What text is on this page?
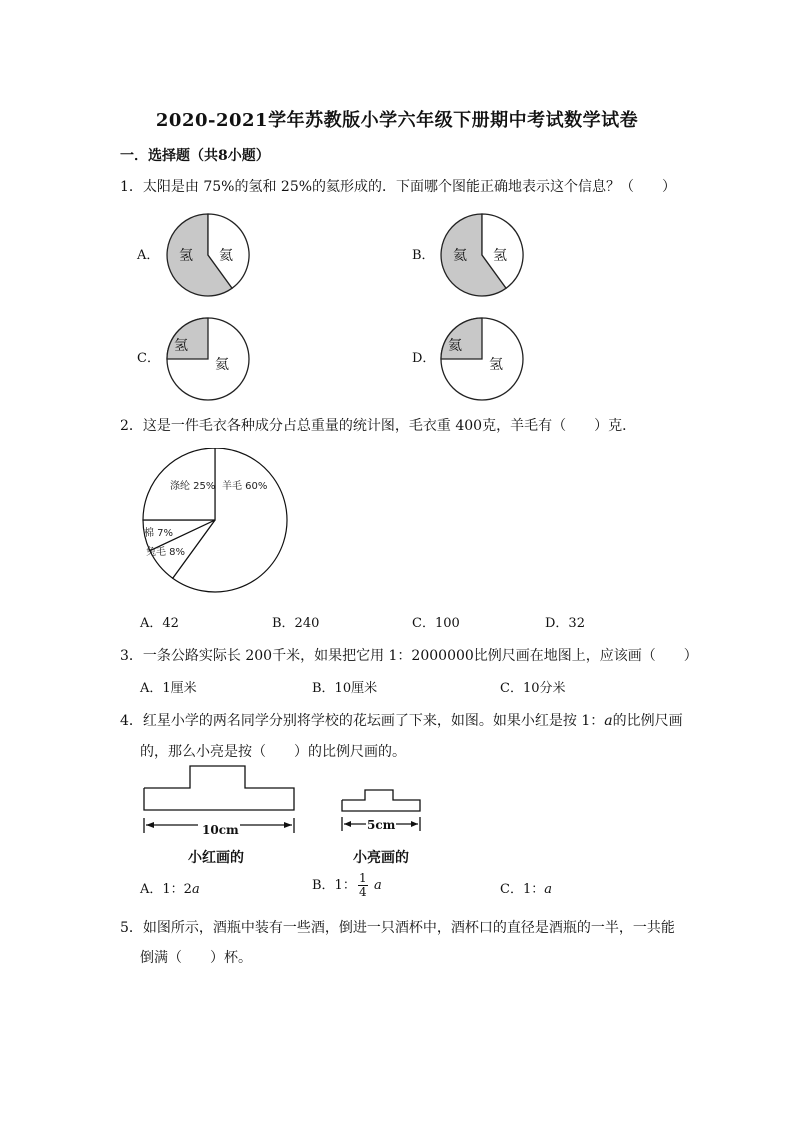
2020-2021学年苏教版小学六年级下册期中考试数学试卷
一．选择题（共8小题）
1．太阳是由 75%的氢和 25%的氦形成的．下面哪个图能正确地表示这个信息？（　　）
A． 氢 氦	B． 氦 氢
C．
氢
氦	D．
氦
氢
2．这是一件毛衣各种成分占总重量的统计图，毛衣重 400克，羊毛有（　　）克．
羊毛 60%
兔毛 8%
棉 7%
涤纶 25%
A．42	B．240	C．100	D．32
3．一条公路实际长 200千米，如果把它用 1：2000000比例尺画在地图上，应该画（　　）
A．1厘米	B．10厘米	C．10分米
4．红星小学的两名同学分别将学校的花坛画了下来，如图。如果小红是按 1：a的比例尺画
的，那么小亮是按（　　）的比例尺画的。
10cm
小红画的
5cm
小亮画的
A．1：2a	B．1： $\frac{1}{4}$ a	C．1：a
5．如图所示，酒瓶中装有一些酒，倒进一只酒杯中，酒杯口的直径是酒瓶的一半，一共能
倒满（　　）杯。
